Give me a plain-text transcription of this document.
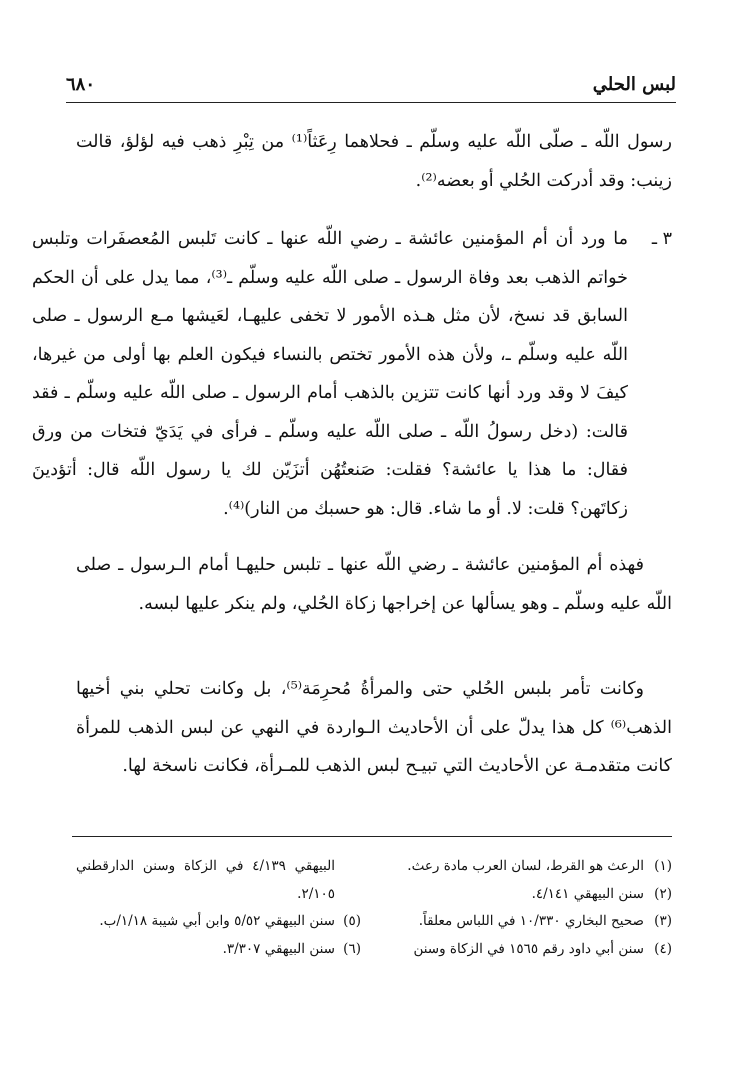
لبس الحلي
٦٨٠

رسول اللّه ـ صلّى اللّه عليه وسلّم ـ فحلاهما رِعَثاً⁽¹⁾ من تِبْرِ ذهب فيه لؤلؤ، قالت زينب: وقد أدركت الحُلي أو بعضه⁽²⁾.

٣ ـ
ما ورد أن أم المؤمنين عائشة ـ رضي اللّه عنها ـ كانت تَلبس المُعصفَرات وتلبس خواتم الذهب بعد وفاة الرسول ـ صلى اللّه عليه وسلّم ـ⁽³⁾، مما يدل على أن الحكم السابق قد نسخ، لأن مثل هـذه الأمور لا تخفى عليهـا، لعَيشها مـع الرسول ـ صلى اللّه عليه وسلّم ـ، ولأن هذه الأمور تختص بالنساء فيكون العلم بها أولى من غيرها، كيفَ لا وقد ورد أنها كانت تتزين بالذهب أمام الرسول ـ صلى اللّه عليه وسلّم ـ فقد قالت: (دخل رسولُ اللّه ـ صلى اللّه عليه وسلّم ـ فرأى في يَدَيّ فتخات من ورق فقال: ما هذا يا عائشة؟ فقلت: صَنعتُهُن أتزَيّن لك يا رسول اللّه قال: أتؤدينَ زكاتَهن؟ قلت: لا. أو ما شاء. قال: هو حسبك من النار)⁽⁴⁾.

فهذه أم المؤمنين عائشة ـ رضي اللّه عنها ـ تلبس حليهـا أمام الـرسول ـ صلى اللّه عليه وسلّم ـ وهو يسألها عن إخراجها زكاة الحُلي، ولم ينكر عليها لبسه.

وكانت تأمر بلبس الحُلي حتى والمرأةُ مُحرِمَة⁽⁵⁾، بل وكانت تحلي بني أخيها الذهب⁽⁶⁾ كل هذا يدلّ على أن الأحاديث الـواردة في النهي عن لبس الذهب للمرأة كانت متقدمـة عن الأحاديث التي تبيـح لبس الذهب للمـرأة، فكانت ناسخة لها.

(١)
الرعث هو القرط، لسان العرب مادة رعث.
(٢)
سنن البيهقي ٤/١٤١.
(٣)
صحيح البخاري ١٠/٣٣٠ في اللباس معلقاً.
(٤)
سنن أبي داود رقم ١٥٦٥ في الزكاة وسنن
البيهقي ٤/١٣٩ في الزكاة وسنن الدارقطني ٢/١٠٥.
(٥)
سنن البيهقي ٥/٥٢ وابن أبي شيبة ١/١٨/ب.
(٦)
سنن البيهقي ٣/٣٠٧.
